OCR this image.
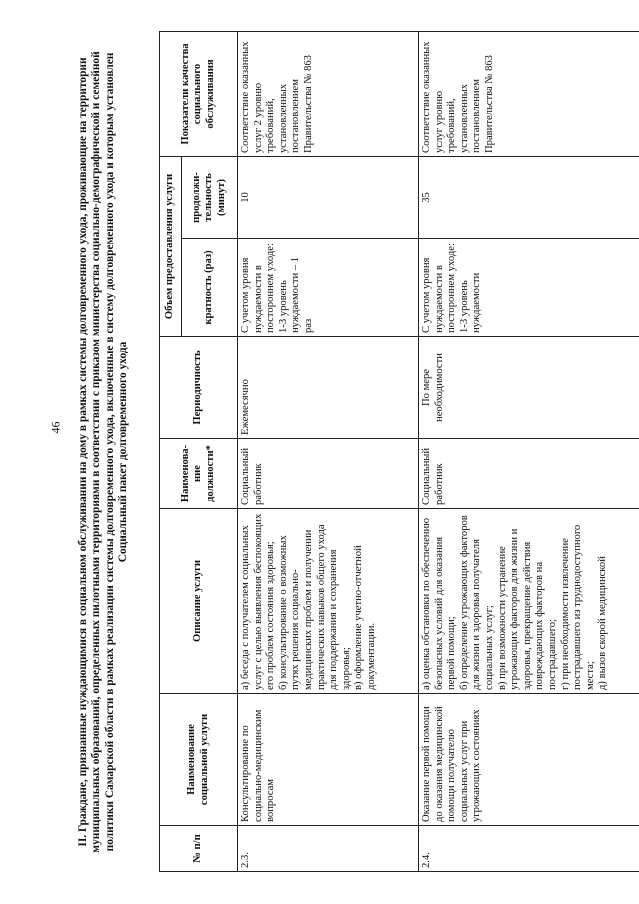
46	II. Граждане, признанные нуждающимися в социальном обслуживании на дому в рамках системы долговременного ухода, проживающие на территории муниципальных образований, определенных пилотными территориями в соответствии с приказом министерства социально-демографической и семейной политики Самарской области в рамках реализации системы долговременного ухода, включенные в систему долговременного ухода и которым установлен Социальный пакет долговременного ухода
№ п/п	Наименование социальной услуги	Описание услуги	Наименова-ние должности*	Периодичность	Объем предоставления услуги		Показатели качества социального обслуживания
					кратность (раз)	продолжи-тельность (минут)	
2.3.	Консультирование по социально-медицинским вопросам	а) беседа с получателем социальных услуг с целью выявления беспокоящих его проблем состояния здоровья; б) консультирование о возможных путях решения социально-медицинских проблем и получении практических навыков общего ухода для поддержания и сохранения здоровья; в) оформление учетно-отчетной документации.	Социальный работник	Ежемесячно	С учетом уровня нуждаемости в постороннем уходе: 1-3 уровень нуждаемости – 1 раз	10	Соответствие оказанных услуг 2 уровню требований, установленных постановлением Правительства № 863
2.4.	Оказание первой помощи до оказания медицинской помощи получателю социальных услуг при угрожающих состояниях	а) оценка обстановки по обеспечению безопасных условий для оказания первой помощи; б) определение угрожающих факторов для жизни и здоровья получателя социальных услуг; в) при возможности устранение угрожающих факторов для жизни и здоровья, прекращение действия повреждающих факторов на пострадавшего; г) при необходимости извлечение пострадавшего из труднодоступного места; д) вызов скорой медицинской	Социальный работник	По мере необходимости	С учетом уровня нуждаемости в постороннем уходе: 1-3 уровень нуждаемости	35	Соответствие оказанных услуг уровню требований, установленных постановлением Правительства № 863
